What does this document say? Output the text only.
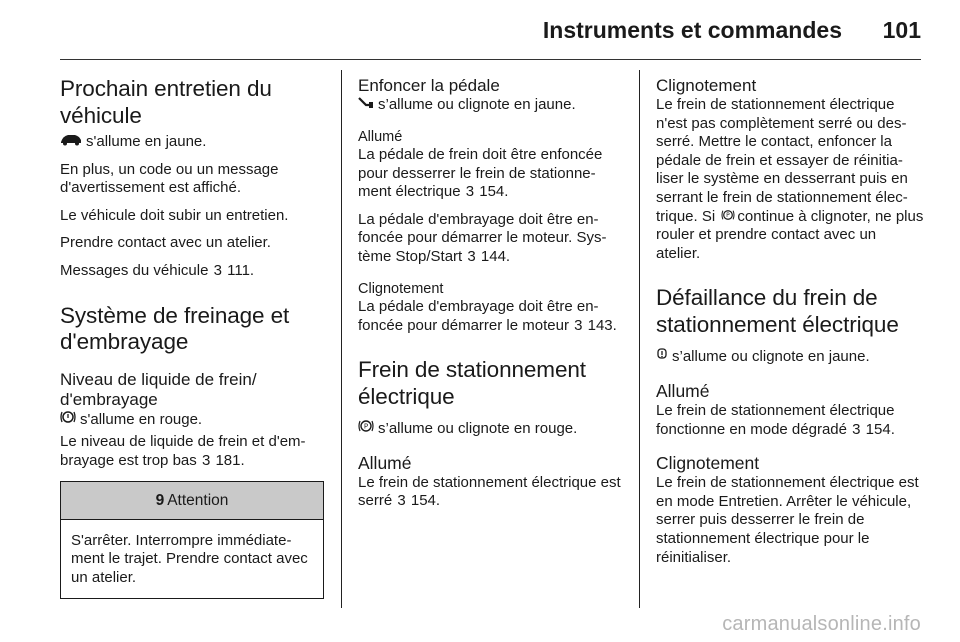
Instruments et commandes 101
Prochain entretien du véhicule

s'allume en jaune.

En plus, un code ou un message d'avertissement est affiché.

Le véhicule doit subir un entretien.

Prendre contact avec un atelier.

Messages du véhicule 3 111.

Système de freinage et d'embrayage
Niveau de liquide de frein/ d'embrayage

s'allume en rouge.

Le niveau de liquide de frein et d'em- brayage est trop bas 3 181.

9 Attention
S'arrêter. Interrompre immédiate- ment le trajet. Prendre contact avec un atelier.
Enfoncer la pédale

s’allume ou clignote en jaune.

Allumé

La pédale de frein doit être enfoncée pour desserrer le frein de stationne- ment électrique 3 154.

La pédale d'embrayage doit être en- foncée pour démarrer le moteur. Sys- tème Stop/Start 3 144.

Clignotement

La pédale d'embrayage doit être en- foncée pour démarrer le moteur 3 143.

Frein de stationnement électrique

P s’allume ou clignote en rouge.

Allumé

Le frein de stationnement électrique est serré 3 154.

Clignotement

Le frein de stationnement électrique n'est pas complètement serré ou des- serré. Mettre le contact, enfoncer la pédale de frein et essayer de réinitia- liser le système en desserrant puis en serrant le frein de stationnement élec- trique. Si P continue à clignoter, ne plus rouler et prendre contact avec un atelier.

Défaillance du frein de stationnement électrique

s’allume ou clignote en jaune.

Allumé

Le frein de stationnement électrique fonctionne en mode dégradé 3 154.

Clignotement

Le frein de stationnement électrique est en mode Entretien. Arrêter le véhicule, serrer puis desserrer le frein de stationnement électrique pour le réinitialiser.

carmanualsonline.info
